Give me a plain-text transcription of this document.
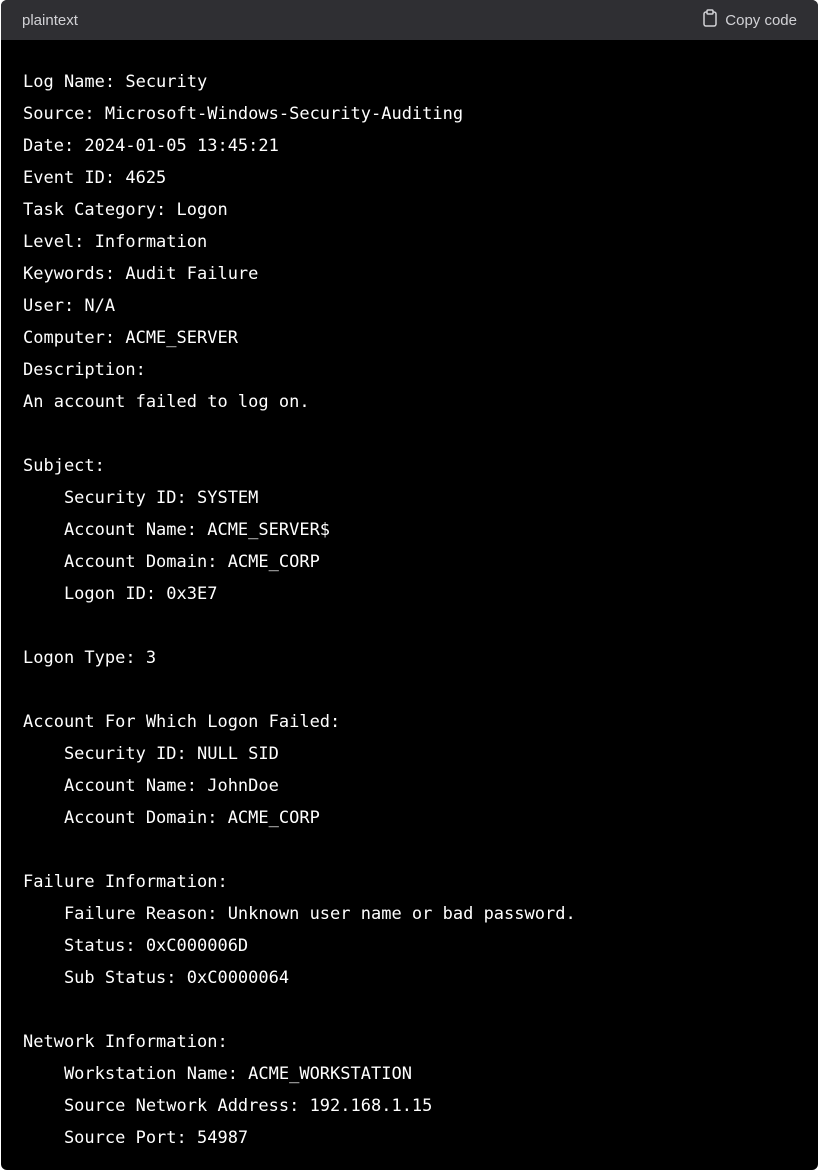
plaintext	Copy code
Log Name: Security
Source: Microsoft-Windows-Security-Auditing
Date: 2024-01-05 13:45:21
Event ID: 4625
Task Category: Logon
Level: Information
Keywords: Audit Failure
User: N/A
Computer: ACME_SERVER
Description:
An account failed to log on.
Subject:
Security ID: SYSTEM
Account Name: ACME_SERVER$
Account Domain: ACME_CORP
Logon ID: 0x3E7
Logon Type: 3
Account For Which Logon Failed:
Security ID: NULL SID
Account Name: JohnDoe
Account Domain: ACME_CORP
Failure Information:
Failure Reason: Unknown user name or bad password.
Status: 0xC000006D
Sub Status: 0xC0000064
Network Information:
Workstation Name: ACME_WORKSTATION
Source Network Address: 192.168.1.15
Source Port: 54987
